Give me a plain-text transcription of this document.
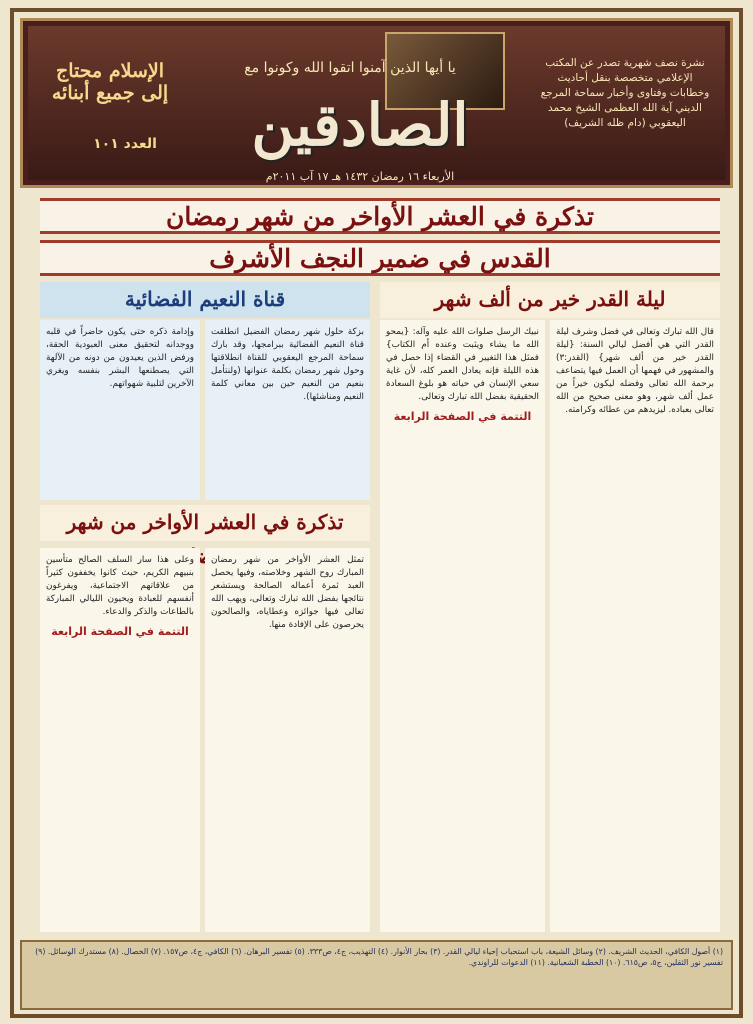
يا أيها الذين آمنوا اتقوا الله وكونوا مع
الصادقين
الإسلام محتاج إلى جميع أبنائه
العدد ١٠١
الأربعاء ١٦ رمضان ١٤٣٢ هـ ١٧ آب ٢٠١١م
نشرة نصف شهرية تصدر عن المكتب الإعلامي متخصصة بنقل أحاديث وخطابات وفتاوى وأخبار سماحة المرجع الديني آية الله العظمى الشيخ محمد اليعقوبي (دام ظله الشريف)
تذكرة في العشر الأواخر من شهر رمضان
القدس في ضمير النجف الأشرف
ليلة القدر خير من ألف شهر
قناة النعيم الفضائية
تذكرة في العشر الأواخر من شهر
قال الله تبارك وتعالى في فضل وشرف ليلة القدر التي هي أفضل ليالي السنة: {ليلة القدر خير من ألف شهر} (القدر:٣) والمشهور في فهمها أن العمل فيها يتضاعف برحمة الله تعالى وفضله ليكون خيراً من عمل ألف شهر، وهو معنى صحيح من الله تعالى بعباده. ليزيدهم من عطائه وكرامته.
نبيك الرسل صلوات الله عليه وآله: {يمحو الله ما يشاء ويثبت وعنده أم الكتاب} فمثل هذا التغيير في القضاء إذا حصل في هذه الليلة فإنه يعادل العمر كله، لأن غاية سعي الإنسان في حياته هو بلوغ السعادة الحقيقية بفضل الله تبارك وتعالى.
التتمة في الصفحة الرابعة
بزكة حلول شهر رمضان الفضيل انطلقت قناة النعيم الفضائية ببرامجها، وقد بارك سماحة المرجع اليعقوبي للقناة انطلاقتها وحول شهر رمضان بكلمة عنوانها (ولنتأمل بنعيم من النعيم حين بين معاني كلمة النعيم ومناشئها).
وإدامة ذكره حتى يكون حاضراً في قلبه ووجدانه لتحقيق معنى العبودية الحقة، ورفض الذين يعيدون من دونه من الآلهة التي يصطنعها البشر بنفسه ويغري الآخرين لتلبية شهواتهم.
تمثل العشر الأواخر من شهر رمضان المبارك روح الشهر وخلاصته، وفيها يحصل العبد ثمرة أعماله الصالحة ويستشعر نتائجها بفضل الله تبارك وتعالى، ويهب الله تعالى فيها جوائزه وعطاياه، والصالحون يحرصون على الإفادة منها.
وعلى هذا سار السلف الصالح متأسين بنبيهم الكريم، حيث كانوا يخففون كثيراً من علاقاتهم الاجتماعية، ويفرغون أنفسهم للعبادة ويحيون الليالي المباركة بالطاعات والذكر والدعاء.
التتمة في الصفحة الرابعة
(١) أصول الكافي، الحديث الشريف. (٢) وسائل الشيعة، باب استحباب إحياء ليالي القدر. (٣) بحار الأنوار. (٤) التهذيب، ج٤، ص٣٣٣. (٥) تفسير البرهان. (٦) الكافي، ج٤، ص١٥٧. (٧) الخصال. (٨) مستدرك الوسائل. (٩) تفسير نور الثقلين، ج٥، ص٦١٥. (١٠) الخطبة الشعبانية. (١١) الدعوات للراوندي.
